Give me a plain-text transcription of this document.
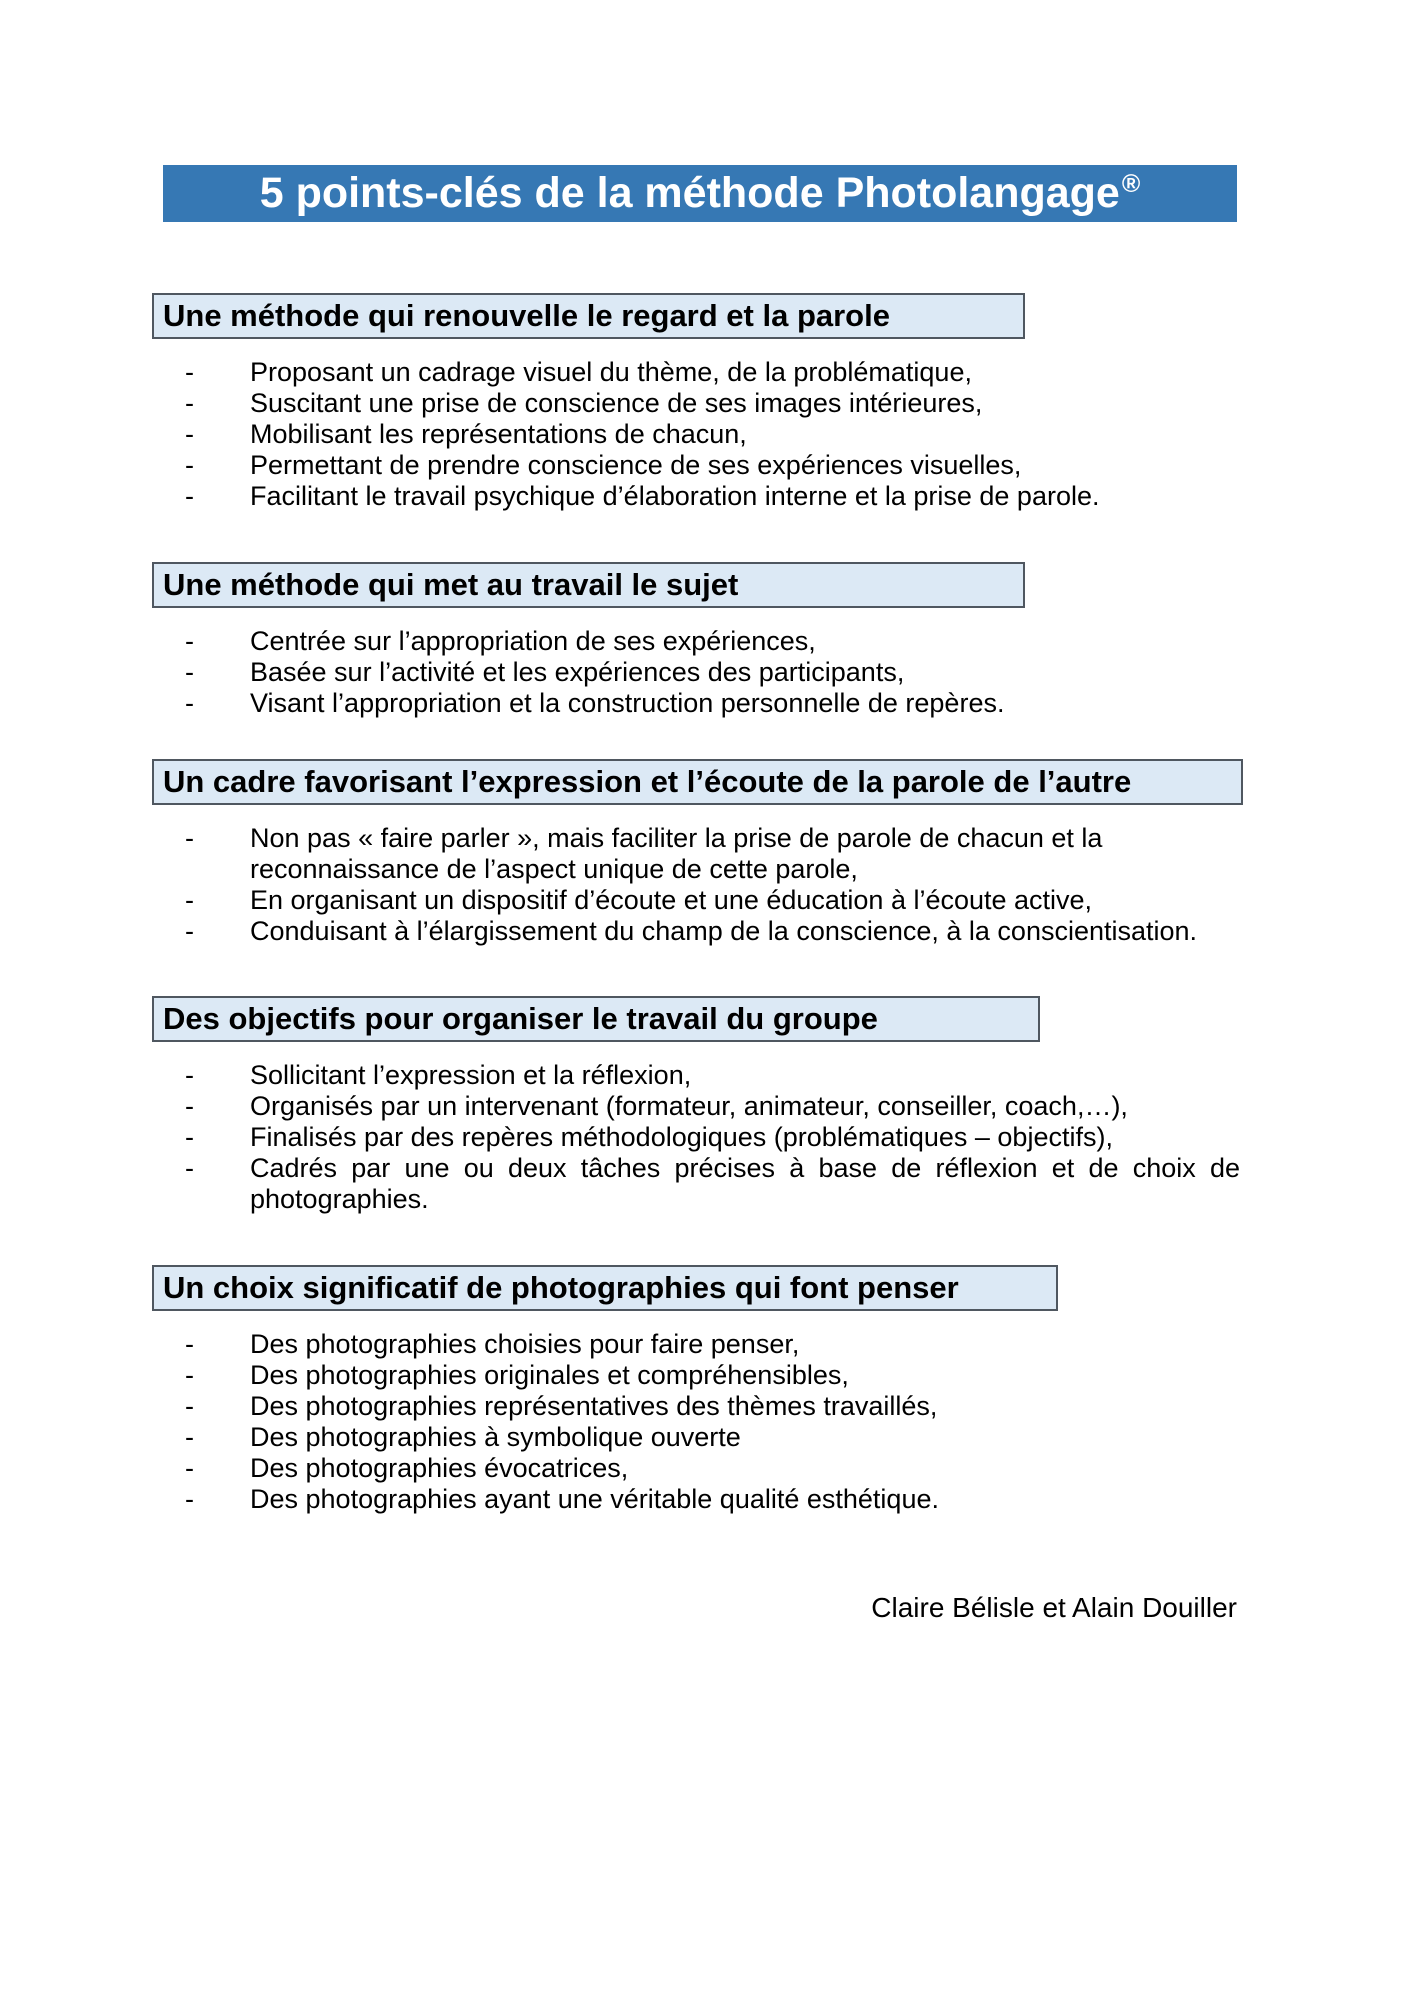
5 points-clés de la méthode Photolangage®
Une méthode qui renouvelle le regard et la parole
-	Proposant un cadrage visuel du thème, de la problématique,
-	Suscitant une prise de conscience de ses images intérieures,
-	Mobilisant les représentations de chacun,
-	Permettant de prendre conscience de ses expériences visuelles,
-	Facilitant le travail psychique d’élaboration interne et la prise de parole.
Une méthode qui met au travail le sujet
-	Centrée sur l’appropriation de ses expériences,
-	Basée sur l’activité et les expériences des participants,
-	Visant l’appropriation et la construction personnelle de repères.
Un cadre favorisant l’expression et l’écoute de la parole de l’autre
-	Non pas « faire parler », mais faciliter la prise de parole de chacun et la reconnaissance de l’aspect unique de cette parole,
-	En organisant un dispositif d’écoute et une éducation à l’écoute active,
-	Conduisant à l’élargissement du champ de la conscience, à la conscientisation.
Des objectifs pour organiser le travail du groupe
-	Sollicitant l’expression et la réflexion,
-	Organisés par un intervenant (formateur, animateur, conseiller, coach,…),
-	Finalisés par des repères méthodologiques (problématiques – objectifs),
-	Cadrés par une ou deux tâches précises à base de réflexion et de choix de photographies.
Un choix significatif de photographies qui font penser
-	Des photographies choisies pour faire penser,
-	Des photographies originales et compréhensibles,
-	Des photographies représentatives des thèmes travaillés,
-	Des photographies à symbolique ouverte
-	Des photographies évocatrices,
-	Des photographies ayant une véritable qualité esthétique.
Claire Bélisle et Alain Douiller
